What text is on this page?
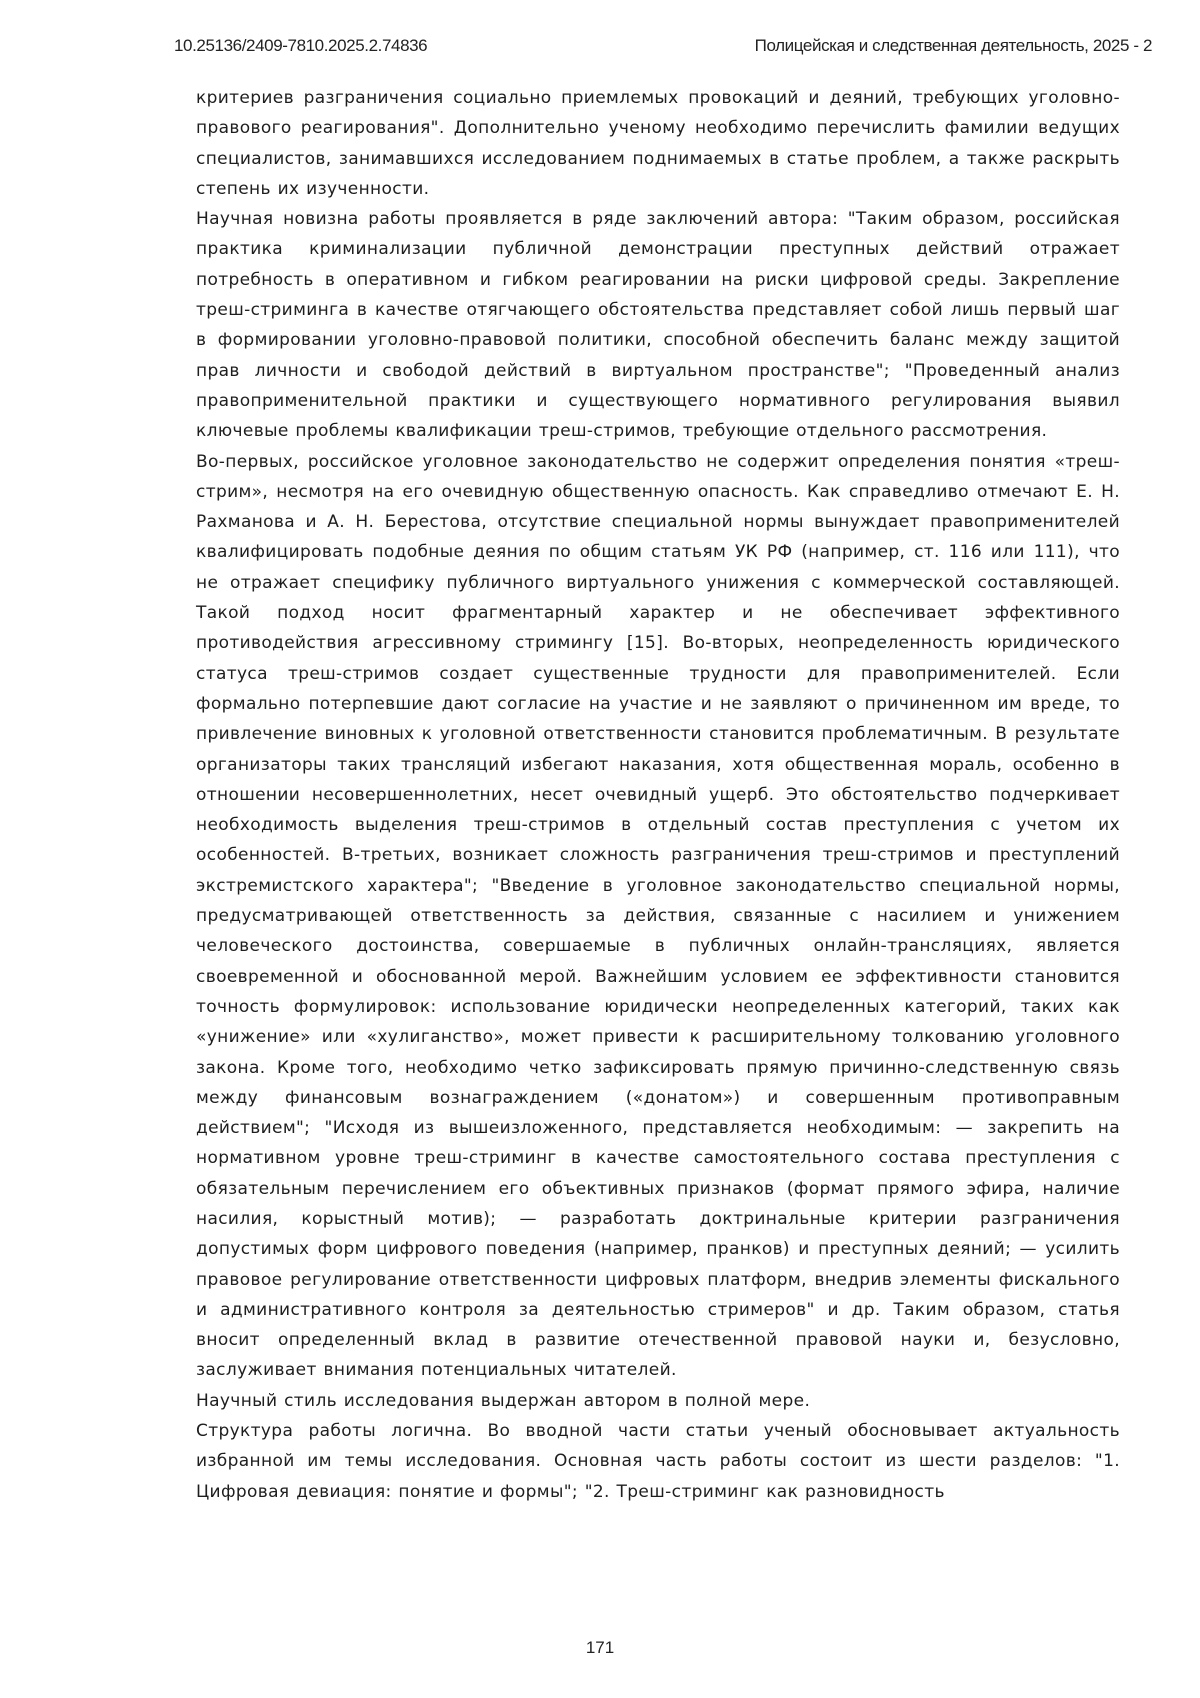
10.25136/2409-7810.2025.2.74836	Полицейская и следственная деятельность, 2025 - 2

критериев разграничения социально приемлемых провокаций и деяний, требующих уголовно-правового реагирования". Дополнительно ученому необходимо перечислить фамилии ведущих специалистов, занимавшихся исследованием поднимаемых в статье проблем, а также раскрыть степень их изученности.

Научная новизна работы проявляется в ряде заключений автора: "Таким образом, российская практика криминализации публичной демонстрации преступных действий отражает потребность в оперативном и гибком реагировании на риски цифровой среды. Закрепление треш-стриминга в качестве отягчающего обстоятельства представляет собой лишь первый шаг в формировании уголовно-правовой политики, способной обеспечить баланс между защитой прав личности и свободой действий в виртуальном пространстве"; "Проведенный анализ правоприменительной практики и существующего нормативного регулирования выявил ключевые проблемы квалификации треш-стримов, требующие отдельного рассмотрения.

Во-первых, российское уголовное законодательство не содержит определения понятия «треш-стрим», несмотря на его очевидную общественную опасность. Как справедливо отмечают Е. Н. Рахманова и А. Н. Берестова, отсутствие специальной нормы вынуждает правоприменителей квалифицировать подобные деяния по общим статьям УК РФ (например, ст. 116 или 111), что не отражает специфику публичного виртуального унижения с коммерческой составляющей. Такой подход носит фрагментарный характер и не обеспечивает эффективного противодействия агрессивному стримингу [15]. Во-вторых, неопределенность юридического статуса треш-стримов создает существенные трудности для правоприменителей. Если формально потерпевшие дают согласие на участие и не заявляют о причиненном им вреде, то привлечение виновных к уголовной ответственности становится проблематичным. В результате организаторы таких трансляций избегают наказания, хотя общественная мораль, особенно в отношении несовершеннолетних, несет очевидный ущерб. Это обстоятельство подчеркивает необходимость выделения треш-стримов в отдельный состав преступления с учетом их особенностей. В-третьих, возникает сложность разграничения треш-стримов и преступлений экстремистского характера"; "Введение в уголовное законодательство специальной нормы, предусматривающей ответственность за действия, связанные с насилием и унижением человеческого достоинства, совершаемые в публичных онлайн-трансляциях, является своевременной и обоснованной мерой. Важнейшим условием ее эффективности становится точность формулировок: использование юридически неопределенных категорий, таких как «унижение» или «хулиганство», может привести к расширительному толкованию уголовного закона. Кроме того, необходимо четко зафиксировать прямую причинно-следственную связь между финансовым вознаграждением («донатом») и совершенным противоправным действием"; "Исходя из вышеизложенного, представляется необходимым: — закрепить на нормативном уровне треш-стриминг в качестве самостоятельного состава преступления с обязательным перечислением его объективных признаков (формат прямого эфира, наличие насилия, корыстный мотив); — разработать доктринальные критерии разграничения допустимых форм цифрового поведения (например, пранков) и преступных деяний; — усилить правовое регулирование ответственности цифровых платформ, внедрив элементы фискального и административного контроля за деятельностью стримеров" и др. Таким образом, статья вносит определенный вклад в развитие отечественной правовой науки и, безусловно, заслуживает внимания потенциальных читателей.

Научный стиль исследования выдержан автором в полной мере.

Структура работы логична. Во вводной части статьи ученый обосновывает актуальность избранной им темы исследования. Основная часть работы состоит из шести разделов: "1. Цифровая девиация: понятие и формы"; "2. Треш-стриминг как разновидность

171
